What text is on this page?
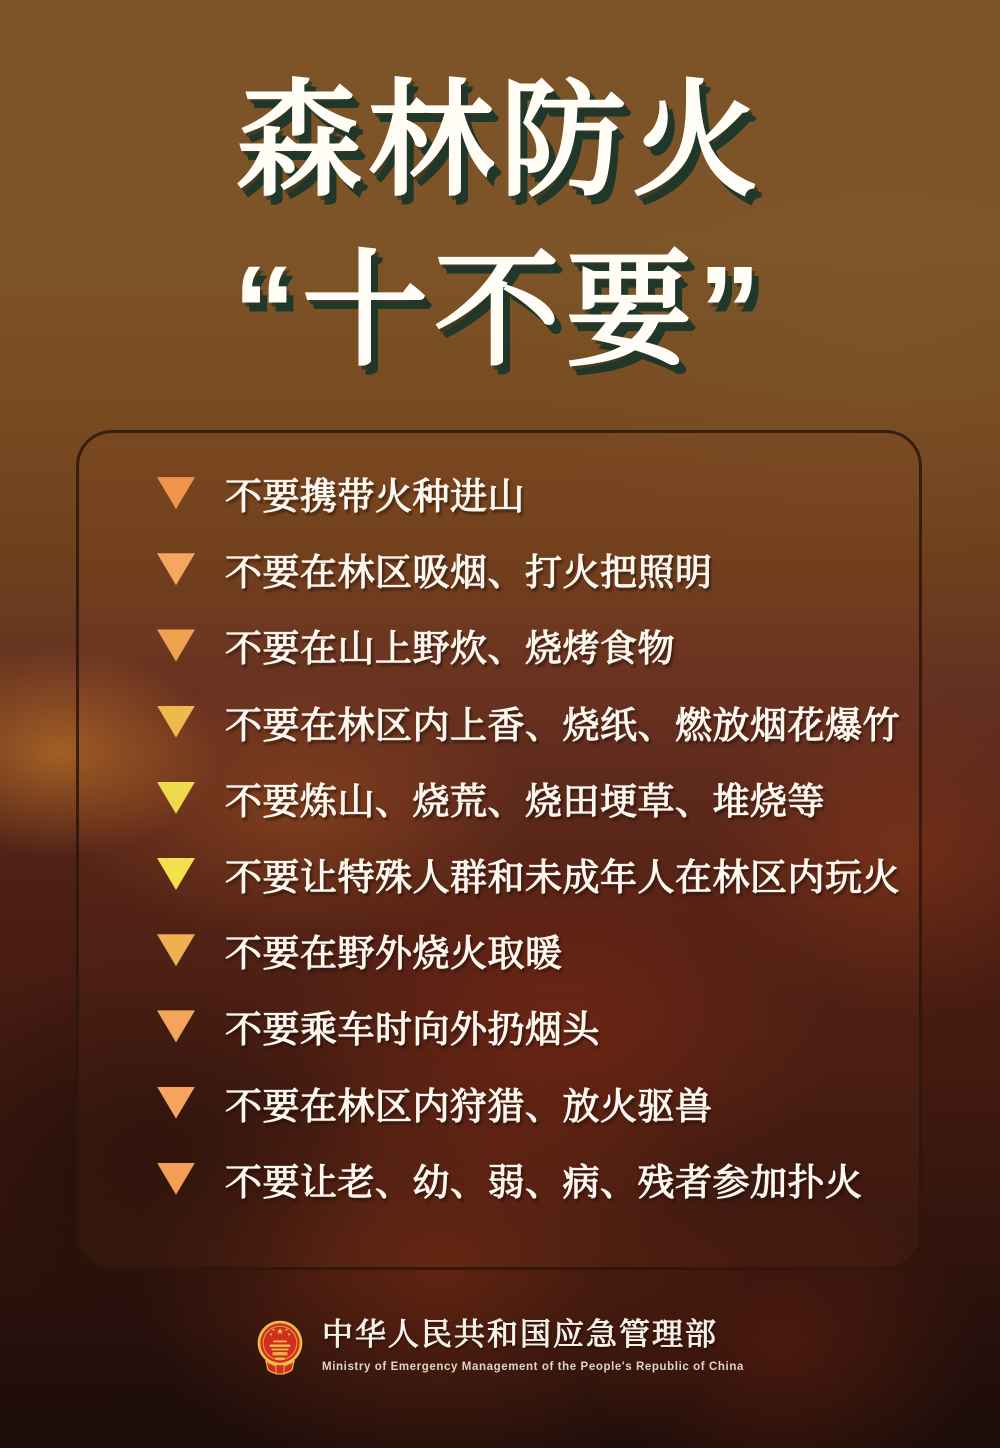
森林防火
“十不要”
不要携带火种进山
不要在林区吸烟、打火把照明
不要在山上野炊、烧烤食物
不要在林区内上香、烧纸、燃放烟花爆竹
不要炼山、烧荒、烧田埂草、堆烧等
不要让特殊人群和未成年人在林区内玩火
不要在野外烧火取暖
不要乘车时向外扔烟头
不要在林区内狩猎、放火驱兽
不要让老、幼、弱、病、残者参加扑火
中华人民共和国应急管理部
Ministry of Emergency Management of the People's Republic of China
